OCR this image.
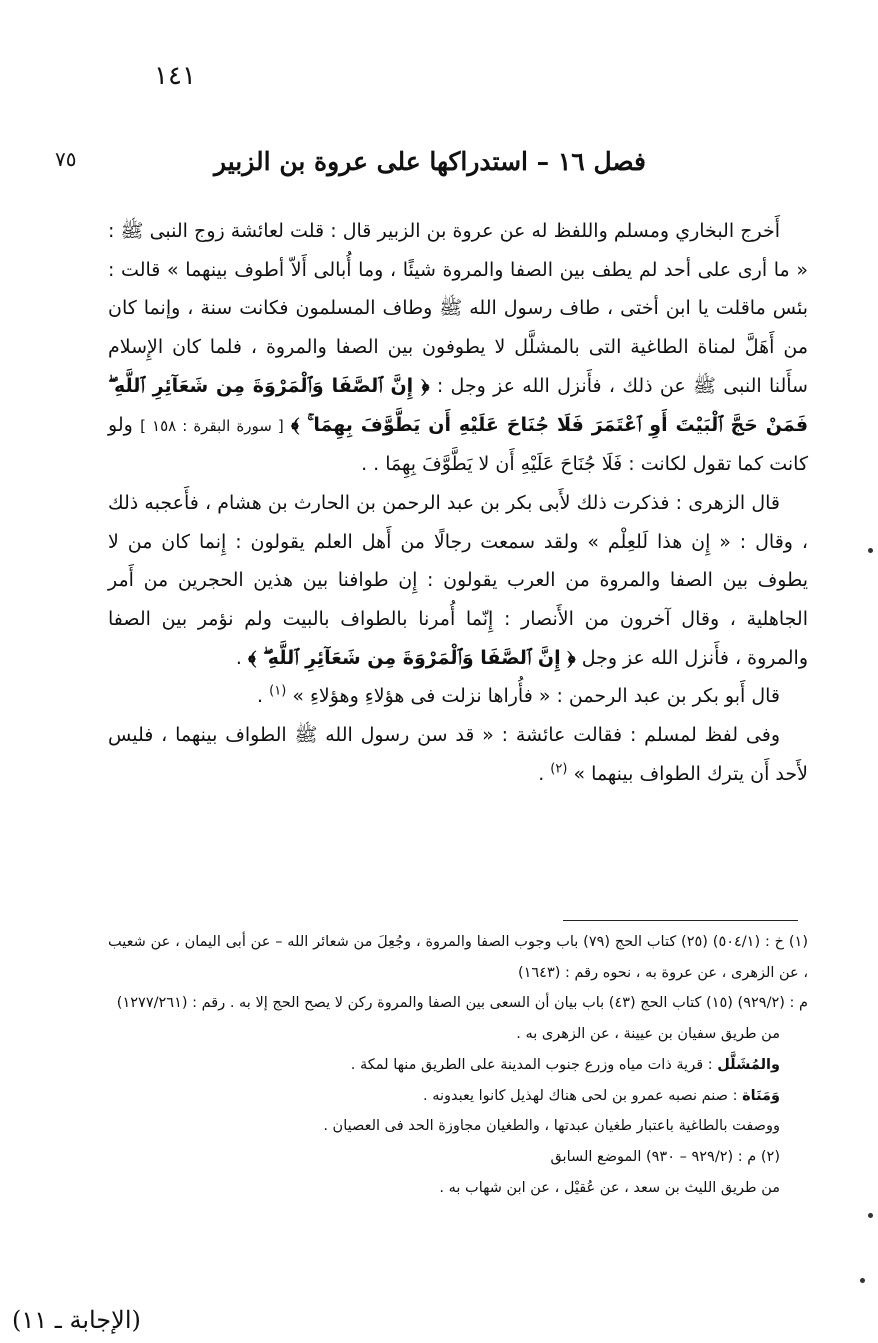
١٤١
٧٥	فصل ١٦ – استدراكها على عروة بن الزبير

أَخرج البخاري ومسلم واللفظ له عن عروة بن الزبير قال : قلت لعائشة زوج النبى ﷺ : « ما أرى على أحد لم يطف بين الصفا والمروة شيئًا ، وما أُبالى أَلاّ أطوف بينهما » قالت : بئس ماقلت يا ابن أختى ، طاف رسول الله ﷺ وطاف المسلمون فكانت سنة ، وإنما كان من أَهَلَّ لمناة الطاغية التى بالمشلَّل لا يطوفون بين الصفا والمروة ، فلما كان الإِسلام سأَلنا النبى ﷺ عن ذلك ، فأَنزل الله عز وجل : ﴿ إِنَّ ٱلصَّفَا وَٱلْمَرْوَةَ مِن شَعَآئِرِ ٱللَّهِ ۖ فَمَنْ حَجَّ ٱلْبَيْتَ أَوِ ٱعْتَمَرَ فَلَا جُنَاحَ عَلَيْهِ أَن يَطَّوَّفَ بِهِمَا ۚ ﴾ [ سورة البقرة : ١٥٨ ] ولو كانت كما تقول لكانت : فَلَا جُنَاحَ عَلَيْهِ أَن لا يَطَّوَّفَ بِهِمَا . .

قال الزهرى : فذكرت ذلك لأَبى بكر بن عبد الرحمن بن الحارث بن هشام ، فأَعجبه ذلك ، وقال : « إِن هذا لَلعِلْم » ولقد سمعت رجالًا من أَهل العلم يقولون : إِنما كان من لا يطوف بين الصفا والمروة من العرب يقولون : إِن طوافنا بين هذين الحجرين من أَمر الجاهلية ، وقال آخرون من الأَنصار : إِنّما أُمرنا بالطواف بالبيت ولم نؤمر بين الصفا والمروة ، فأَنزل الله عز وجل ﴿ إِنَّ ٱلصَّفَا وَٱلْمَرْوَةَ مِن شَعَآئِرِ ٱللَّهِ ۖ ﴾ .

قال أَبو بكر بن عبد الرحمن : « فأُراها نزلت فى هؤلاءِ وهؤلاءِ » $^{(١)}$ .

وفى لفظ لمسلم : فقالت عائشة : « قد سن رسول الله ﷺ الطواف بينهما ، فليس لأَحد أَن يترك الطواف بينهما » $^{(٢)}$ .

(١) خ : (٥٠٤/١) (٢٥) كتاب الحج (٧٩) باب وجوب الصفا والمروة ، وجُعِلَ من شعائر الله – عن أبى اليمان ، عن شعيب ، عن الزهرى ، عن عروة به ، نحوه رقم : (١٦٤٣)

م : (٩٢٩/٢) (١٥) كتاب الحج (٤٣) باب بيان أن السعى بين الصفا والمروة ركن لا يصح الحج إلا به . رقم : (١٢٧٧/٢٦١)

من طريق سفيان بن عيينة ، عن الزهرى به .

والمُشَلَّل : قرية ذات مياه وزرع جنوب المدينة على الطريق منها لمكة .

وَمَنَاة : صنم نصبه عمرو بن لحى هناك لهذيل كانوا يعبدونه .

ووصفت بالطاغية باعتبار طغيان عبدتها ، والطغيان مجاوزة الحد فى العصيان .

(٢) م : (٩٢٩/٢ – ٩٣٠) الموضع السابق

من طريق الليث بن سعد ، عن عُقيْل ، عن ابن شهاب به .

(الإجابة ـ ١١)
